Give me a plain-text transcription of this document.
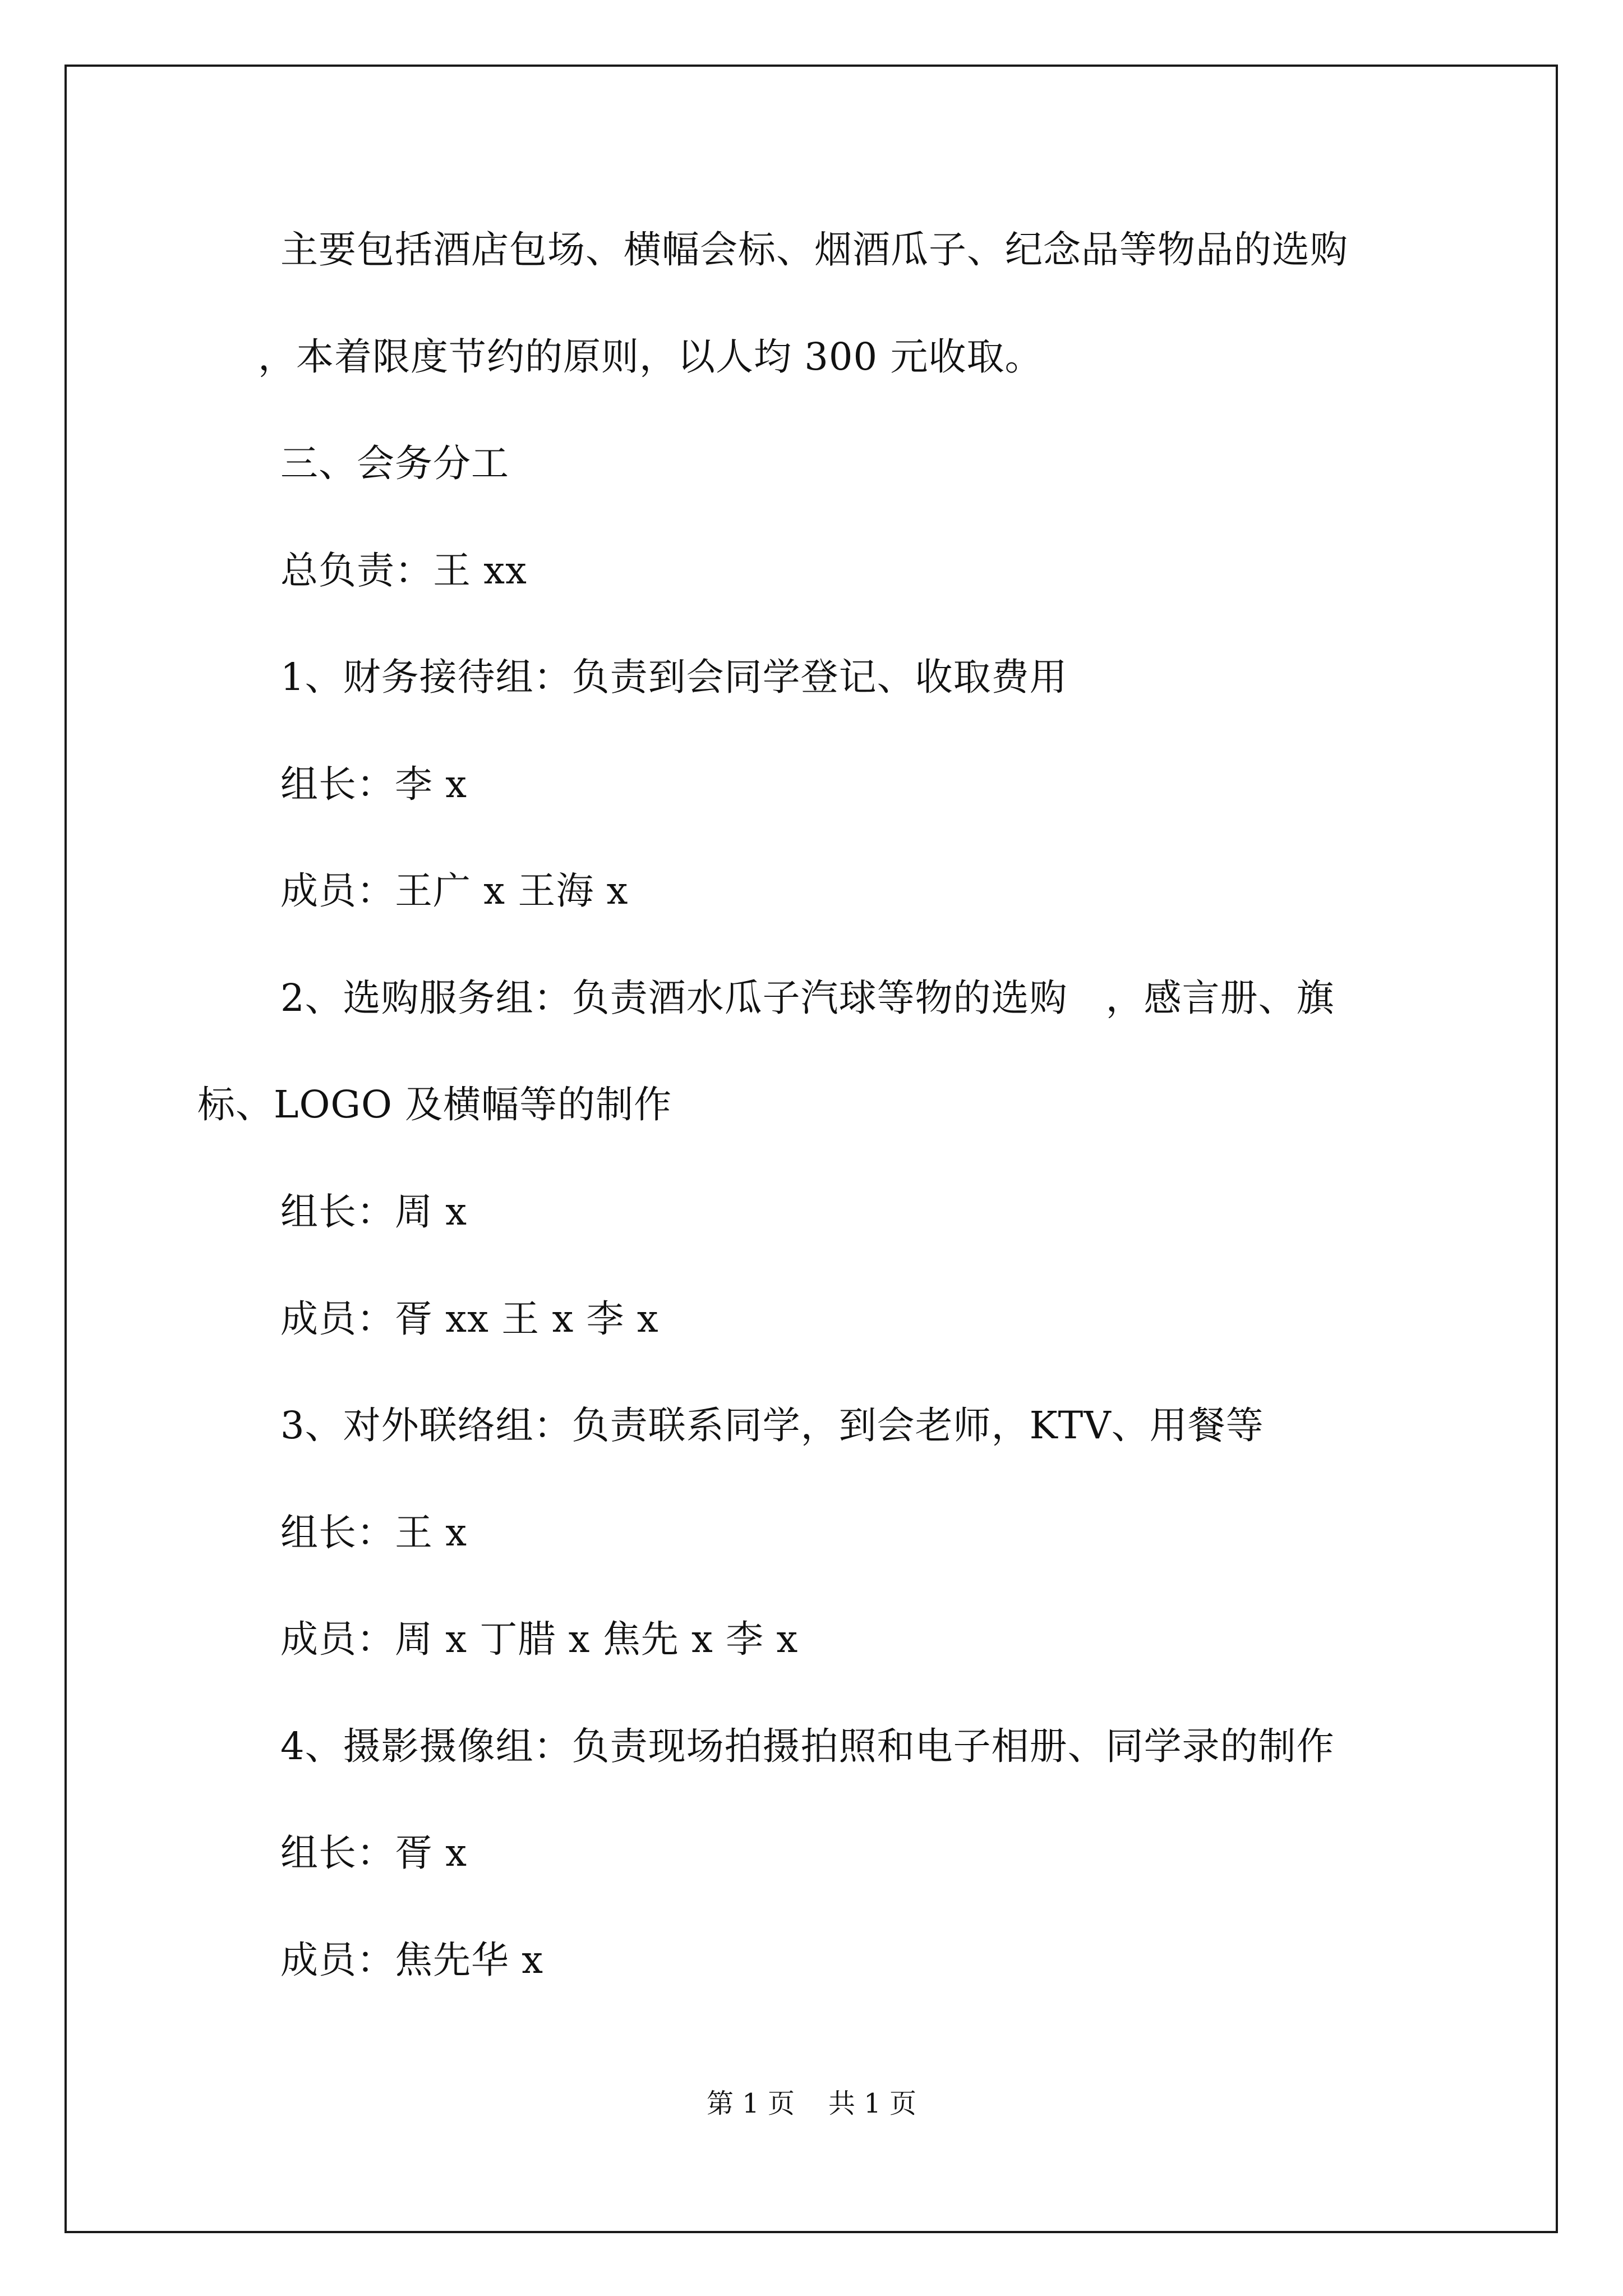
主要包括酒店包场、横幅会标、烟酒瓜子、纪念品等物品的选购
，本着限度节约的原则，以人均 300 元收取。
三、会务分工
总负责：王 xx
1、财务接待组：负责到会同学登记、收取费用
组长：李 x
成员：王广 x 王海 x
2、选购服务组：负责酒水瓜子汽球等物的选购　，感言册、旗
标、LOGO 及横幅等的制作
组长：周 x
成员：胥 xx 王 x 李 x
3、对外联络组：负责联系同学，到会老师，KTV、用餐等
组长：王 x
成员：周 x 丁腊 x 焦先 x 李 x
4、摄影摄像组：负责现场拍摄拍照和电子相册、同学录的制作
组长：胥 x
成员：焦先华 x
第 1 页 共 1 页
